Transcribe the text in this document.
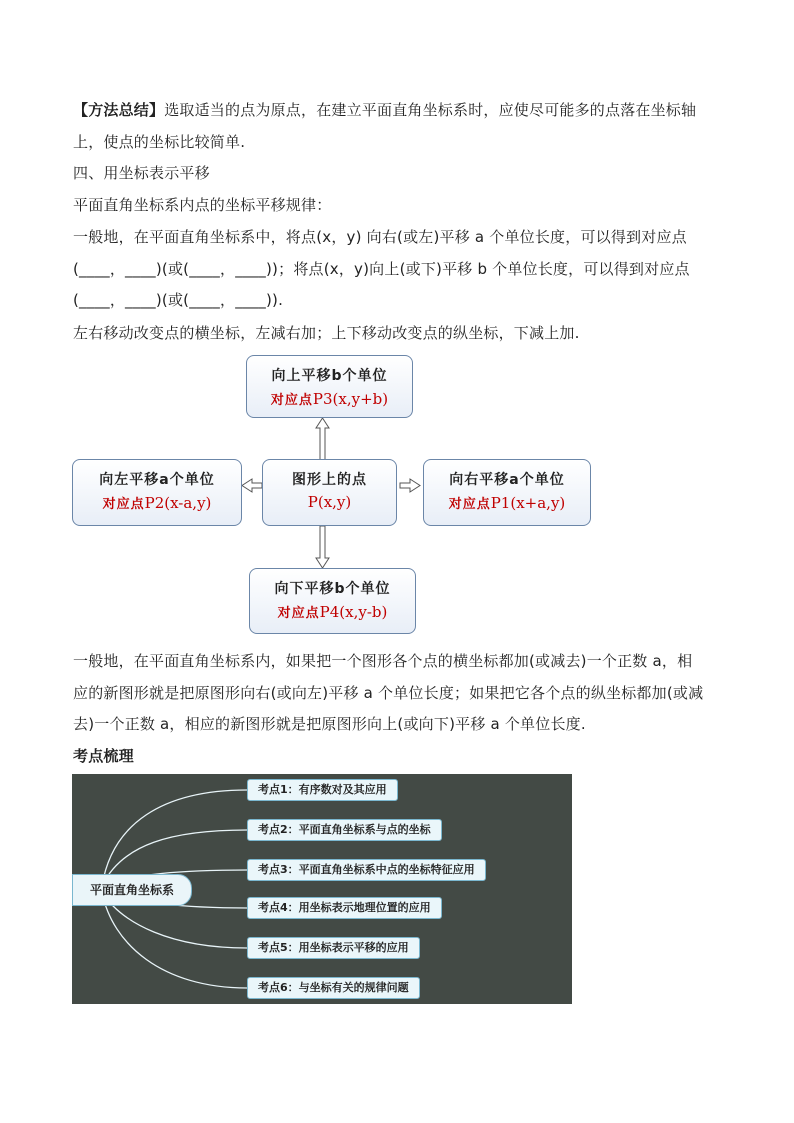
【方法总结】选取适当的点为原点，在建立平面直角坐标系时，应使尽可能多的点落在坐标轴
上，使点的坐标比较简单.

四、用坐标表示平移

平面直角坐标系内点的坐标平移规律：

一般地，在平面直角坐标系中，将点(x，y) 向右(或左)平移 a 个单位长度，可以得到对应点
(____，____)(或(____，____))；将点(x，y)向上(或下)平移 b 个单位长度，可以得到对应点
(____，____)(或(____，____)).

左右移动改变点的横坐标，左减右加；上下移动改变点的纵坐标，下减上加.

向上平移b个单位
对应点P3(x,y+b)
向左平移a个单位
对应点P2(x-a,y)
图形上的点
P(x,y)
向右平移a个单位
对应点P1(x+a,y)
向下平移b个单位
对应点P4(x,y-b)

一般地，在平面直角坐标系内，如果把一个图形各个点的横坐标都加(或减去)一个正数 a，相
应的新图形就是把原图形向右(或向左)平移 a 个单位长度；如果把它各个点的纵坐标都加(或减
去)一个正数 a，相应的新图形就是把原图形向上(或向下)平移 a 个单位长度.

考点梳理

平面直角坐标系
考点1：有序数对及其应用
考点2：平面直角坐标系与点的坐标
考点3：平面直角坐标系中点的坐标特征应用
考点4：用坐标表示地理位置的应用
考点5：用坐标表示平移的应用
考点6：与坐标有关的规律问题
